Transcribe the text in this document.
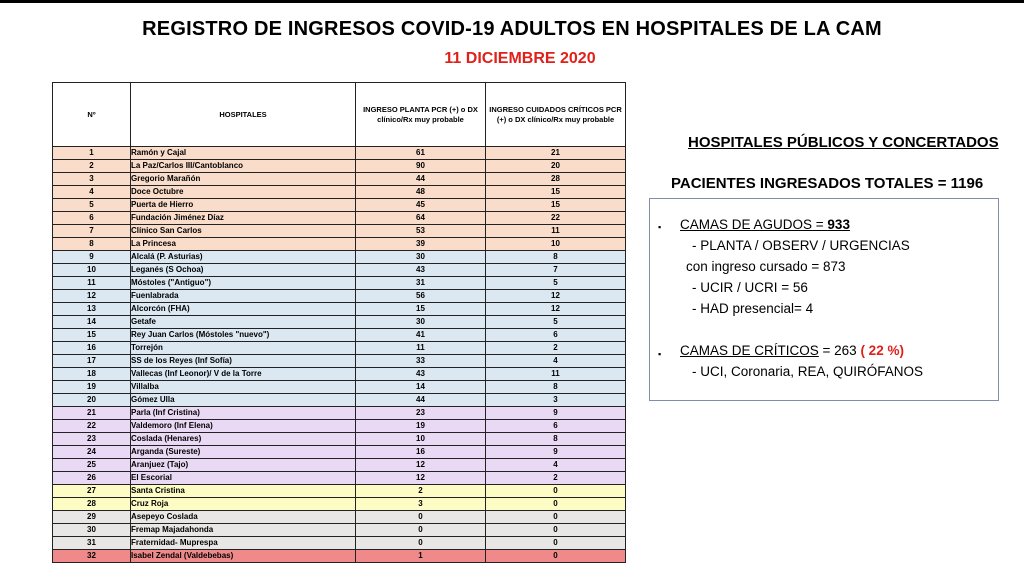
REGISTRO DE INGRESOS COVID-19 ADULTOS EN HOSPITALES DE LA CAM
11 DICIEMBRE 2020
Nº	HOSPITALES	INGRESO PLANTA PCR (+) o DX clínico/Rx muy probable	INGRESO CUIDADOS CRÍTICOS PCR (+) o DX clínico/Rx muy probable
1	Ramón y Cajal	61	21
2	La Paz/Carlos III/Cantoblanco	90	20
3	Gregorio Marañón	44	28
4	Doce Octubre	48	15
5	Puerta de Hierro	45	15
6	Fundación Jiménez Díaz	64	22
7	Clínico San Carlos	53	11
8	La Princesa	39	10
9	Alcalá (P. Asturias)	30	8
10	Leganés (S Ochoa)	43	7
11	Móstoles ("Antiguo")	31	5
12	Fuenlabrada	56	12
13	Alcorcón (FHA)	15	12
14	Getafe	30	5
15	Rey Juan Carlos (Móstoles "nuevo")	41	6
16	Torrejón	11	2
17	SS de los Reyes (Inf Sofía)	33	4
18	Vallecas (Inf Leonor)/ V de la Torre	43	11
19	Villalba	14	8
20	Gómez Ulla	44	3
21	Parla (Inf Cristina)	23	9
22	Valdemoro (Inf Elena)	19	6
23	Coslada (Henares)	10	8
24	Arganda (Sureste)	16	9
25	Aranjuez (Tajo)	12	4
26	El Escorial	12	2
27	Santa Cristina	2	0
28	Cruz Roja	3	0
29	Asepeyo Coslada	0	0
30	Fremap Majadahonda	0	0
31	Fraternidad- Muprespa	0	0
32	Isabel Zendal (Valdebebas)	1	0
HOSPITALES PÚBLICOS Y CONCERTADOS
PACIENTES INGRESADOS TOTALES = 1196
▪ CAMAS DE AGUDOS = 933
- PLANTA / OBSERV / URGENCIAS
con ingreso cursado = 873
- UCIR / UCRI = 56
- HAD presencial= 4
▪ CAMAS DE CRÍTICOS = 263 ( 22 %)
- UCI, Coronaria, REA, QUIRÓFANOS
